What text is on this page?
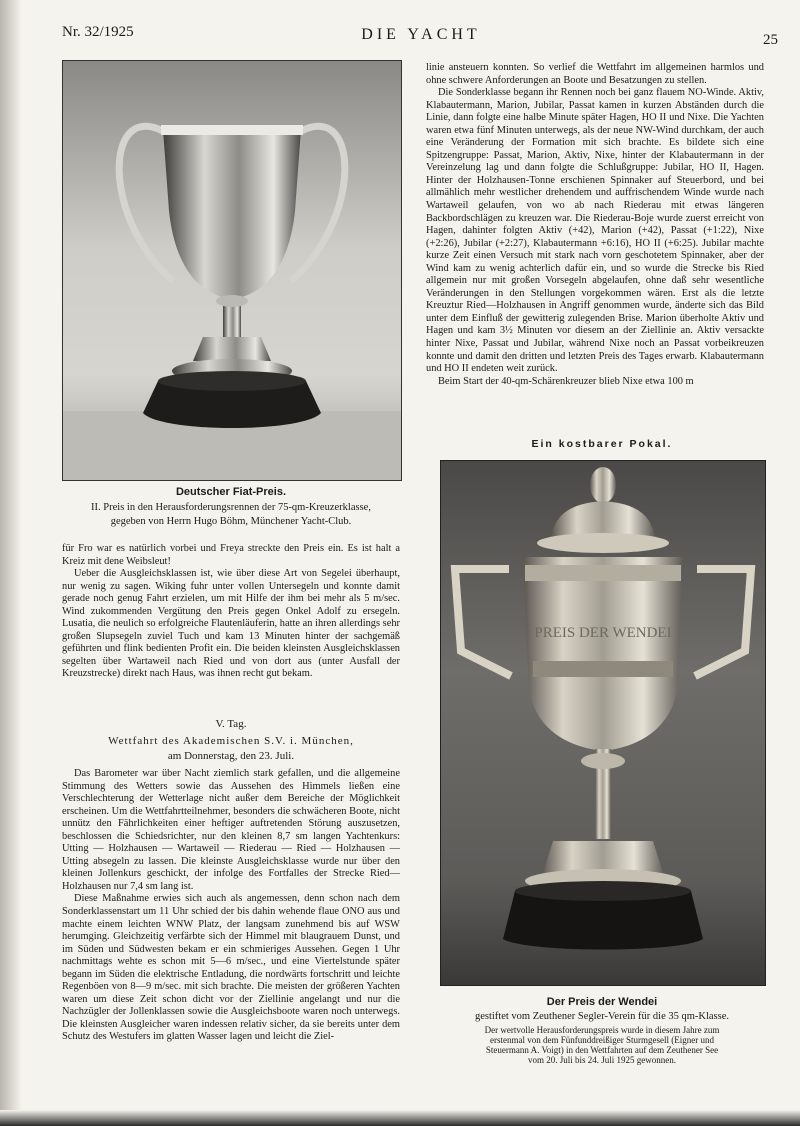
Nr. 32/1925	DIE YACHT	25
Deutscher Fiat-Preis.
II. Preis in den Herausforderungsrennen der 75-qm-Kreuzerklasse,
gegeben von Herrn Hugo Böhm, Münchener Yacht-Club.

für Fro war es natürlich vorbei und Freya streckte den Preis ein. Es ist halt a Kreiz mit dene Weibsleut!

Ueber die Ausgleichsklassen ist, wie über diese Art von Segelei überhaupt, nur wenig zu sagen. Wiking fuhr unter vollen Untersegeln und konnte damit gerade noch genug Fahrt erzielen, um mit Hilfe der ihm bei mehr als 5 m/sec. Wind zukommenden Vergütung den Preis gegen Onkel Adolf zu ersegeln. Lusatia, die neulich so erfolgreiche Flautenläuferin, hatte an ihren allerdings sehr großen Slupsegeln zuviel Tuch und kam 13 Minuten hinter der sachgemäß geführten und flink bedienten Profit ein. Die beiden kleinsten Ausgleichsklassen segelten über Wartaweil nach Ried und von dort aus (unter Ausfall der Kreuzstrecke) direkt nach Haus, was ihnen recht gut bekam.

V. Tag.
Wettfahrt des Akademischen S.V. i. München,
am Donnerstag, den 23. Juli.

Das Barometer war über Nacht ziemlich stark gefallen, und die allgemeine Stimmung des Wetters sowie das Aussehen des Himmels ließen eine Verschlechterung der Wetterlage nicht außer dem Bereiche der Möglichkeit erscheinen. Um die Wettfahrtteilnehmer, besonders die schwächeren Boote, nicht unnütz den Fährlichkeiten einer heftiger auftretenden Störung auszusetzen, beschlossen die Schiedsrichter, nur den kleinen 8,7 sm langen Yachtenkurs: Utting — Holzhausen — Wartaweil — Riederau — Ried — Holzhausen — Utting absegeln zu lassen. Die kleinste Ausgleichsklasse wurde nur über den kleinen Jollenkurs geschickt, der infolge des Fortfalles der Strecke Ried—Holzhausen nur 7,4 sm lang ist.

Diese Maßnahme erwies sich auch als angemessen, denn schon nach dem Sonderklassenstart um 11 Uhr schied der bis dahin wehende flaue ONO aus und machte einem leichten WNW Platz, der langsam zunehmend bis auf WSW herumging. Gleichzeitig verfärbte sich der Himmel mit blaugrauem Dunst, und im Süden und Südwesten bekam er ein schmieriges Aussehen. Gegen 1 Uhr nachmittags wehte es schon mit 5—6 m/sec., und eine Viertelstunde später begann im Süden die elektrische Entladung, die nordwärts fortschritt und leichte Regenböen von 8—9 m/sec. mit sich brachte. Die meisten der größeren Yachten waren um diese Zeit schon dicht vor der Ziellinie angelangt und nur die Nachzügler der Jollenklassen sowie die Ausgleichsboote waren noch unterwegs. Die kleinsten Ausgleicher waren indessen relativ sicher, da sie bereits unter dem Schutz des Westufers im glatten Wasser lagen und leicht die Ziel-

linie ansteuern konnten. So verlief die Wettfahrt im allgemeinen harmlos und ohne schwere Anforderungen an Boote und Besatzungen zu stellen.

Die Sonderklasse begann ihr Rennen noch bei ganz flauem NO-Winde. Aktiv, Klabautermann, Marion, Jubilar, Passat kamen in kurzen Abständen durch die Linie, dann folgte eine halbe Minute später Hagen, HO II und Nixe. Die Yachten waren etwa fünf Minuten unterwegs, als der neue NW-Wind durchkam, der auch eine Veränderung der Formation mit sich brachte. Es bildete sich eine Spitzengruppe: Passat, Marion, Aktiv, Nixe, hinter der Klabautermann in der Vereinzelung lag und dann folgte die Schlußgruppe: Jubilar, HO II, Hagen. Hinter der Holzhausen-Tonne erschienen Spinnaker auf Steuerbord, und bei allmählich mehr westlicher drehendem und auffrischendem Winde wurde nach Wartaweil gelaufen, von wo ab nach Riederau mit etwas längeren Backbordschlägen zu kreuzen war. Die Riederau-Boje wurde zuerst erreicht von Hagen, dahinter folgten Aktiv (+42), Marion (+42), Passat (+1:22), Nixe (+2:26), Jubilar (+2:27), Klabautermann +6:16), HO II (+6:25). Jubilar machte kurze Zeit einen Versuch mit stark nach vorn geschotetem Spinnaker, aber der Wind kam zu wenig achterlich dafür ein, und so wurde die Strecke bis Ried allgemein nur mit großen Vorsegeln abgelaufen, ohne daß sehr wesentliche Veränderungen in den Stellungen vorgekommen wären. Erst als die letzte Kreuztur Ried—Holzhausen in Angriff genommen wurde, änderte sich das Bild unter dem Einfluß der gewitterig zulegenden Brise. Marion überholte Aktiv und Hagen und kam 3½ Minuten vor diesem an der Ziellinie an. Aktiv versackte hinter Nixe, Passat und Jubilar, während Nixe noch an Passat vorbeikreuzen konnte und damit den dritten und letzten Preis des Tages erwarb. Klabautermann und HO II endeten weit zurück.

Beim Start der 40-qm-Schärenkreuzer blieb Nixe etwa 100 m

Ein kostbarer Pokal.
PREIS DER WENDEI
Der Preis der Wendei
gestiftet vom Zeuthener Segler-Verein für die 35 qm-Klasse.
Der wertvolle Herausforderungspreis wurde in diesem Jahre zum
erstenmal von dem Fünfunddreißiger Sturmgesell (Eigner und
Steuermann A. Voigt) in den Wettfahrten auf dem Zeuthener See
vom 20. Juli bis 24. Juli 1925 gewonnen.
